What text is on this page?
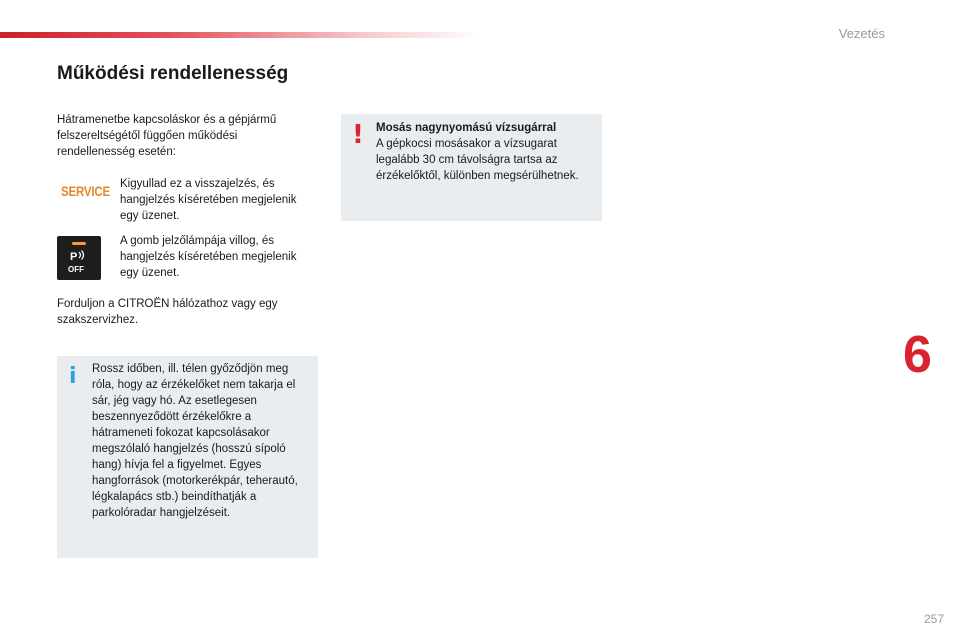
Vezetés
Működési rendellenesség

Hátramenetbe kapcsoláskor és a gépjármű felszereltségétől függően működési rendellenesség esetén:

SERVICE Kigyullad ez a visszajelzés, és hangjelzés kíséretében megjelenik egy üzenet.

P
OFF

A gomb jelzőlámpája villog, és hangjelzés kíséretében megjelenik egy üzenet.

Forduljon a CITROËN hálózathoz vagy egy szakszervizhez.

i Rossz időben, ill. télen győződjön meg róla, hogy az érzékelőket nem takarja el sár, jég vagy hó. Az esetlegesen beszennyeződött érzékelőkre a hátrameneti fokozat kapcsolásakor megszólaló hangjelzés (hosszú sípoló hang) hívja fel a figyelmet. Egyes hangforrások (motorkerékpár, teherautó, légkalapács stb.) beindíthatják a parkolóradar hangjelzéseit.

! Mosás nagynyomású vízsugárral

A gépkocsi mosásakor a vízsugarat legalább 30 cm távolságra tartsa az érzékelőktől, különben megsérülhetnek.

6
257
